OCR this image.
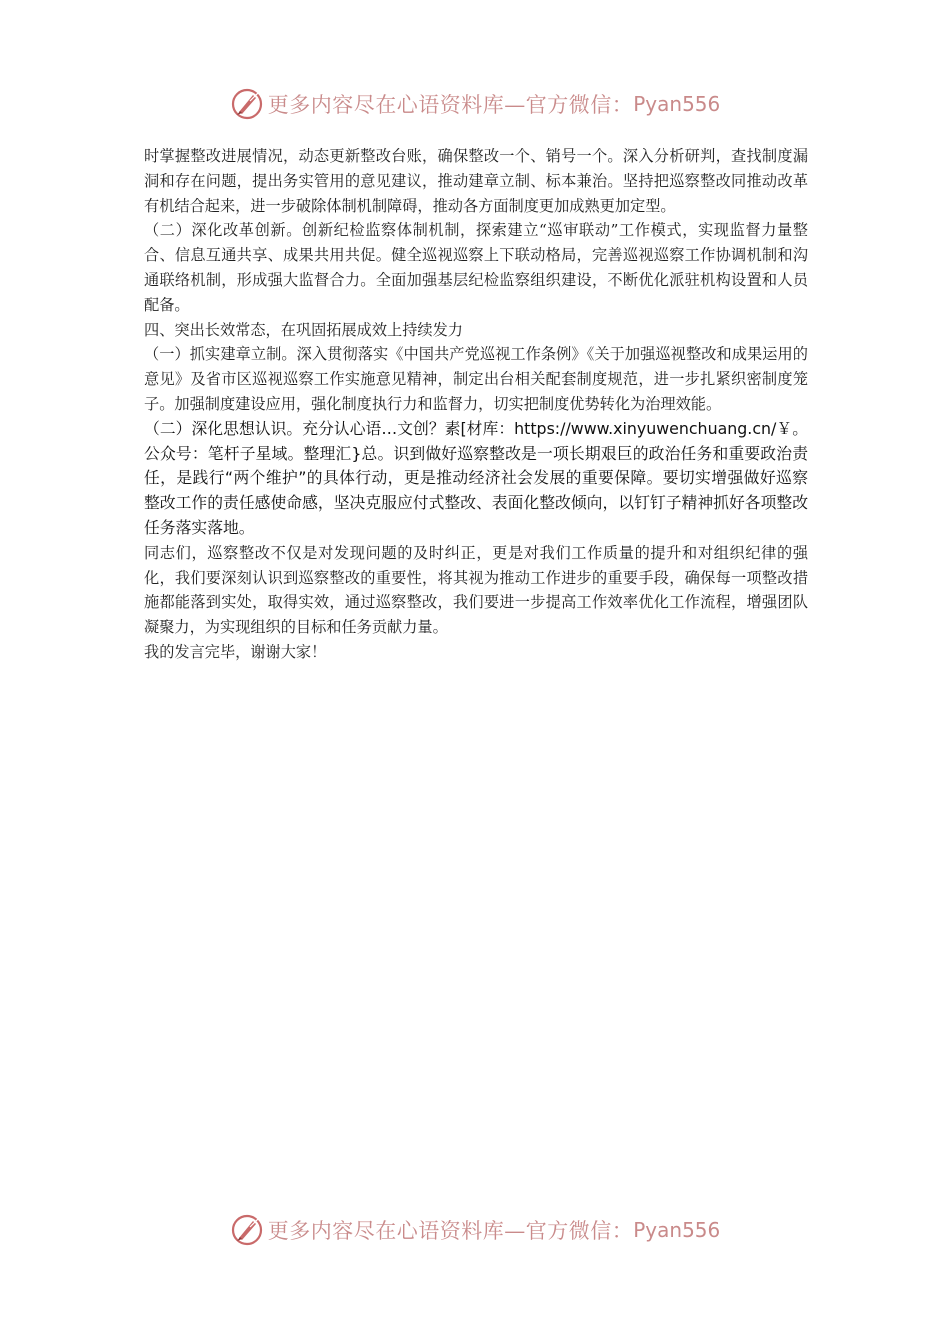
更多内容尽在心语资料库—官方微信： Pyan556

时掌握整改进展情况，动态更新整改台账，确保整改一个、销号一个。深入分析研判，查找制度漏洞和存在问题，提出务实管用的意见建议，推动建章立制、标本兼治。坚持把巡察整改同推动改革有机结合起来，进一步破除体制机制障碍，推动各方面制度更加成熟更加定型。

（二）深化改革创新。创新纪检监察体制机制，探索建立“巡审联动”工作模式，实现监督力量整合、信息互通共享、成果共用共促。健全巡视巡察上下联动格局，完善巡视巡察工作协调机制和沟通联络机制，形成强大监督合力。全面加强基层纪检监察组织建设，不断优化派驻机构设置和人员配备。

四、突出长效常态，在巩固拓展成效上持续发力

（一）抓实建章立制。深入贯彻落实《中国共产党巡视工作条例》《关于加强巡视整改和成果运用的意见》及省市区巡视巡察工作实施意见精神，制定出台相关配套制度规范，进一步扎紧织密制度笼子。加强制度建设应用，强化制度执行力和监督力，切实把制度优势转化为治理效能。

（二）深化思想认识。充分认心语…文创？素[材库：https://www.xinyuwenchuang.cn/￥。公众号：笔杆子星域。整理汇}总。识到做好巡察整改是一项长期艰巨的政治任务和重要政治责任，是践行“两个维护”的具体行动，更是推动经济社会发展的重要保障。要切实增强做好巡察整改工作的责任感使命感，坚决克服应付式整改、表面化整改倾向，以钉钉子精神抓好各项整改任务落实落地。

同志们，巡察整改不仅是对发现问题的及时纠正，更是对我们工作质量的提升和对组织纪律的强化，我们要深刻认识到巡察整改的重要性，将其视为推动工作进步的重要手段，确保每一项整改措施都能落到实处，取得实效，通过巡察整改，我们要进一步提高工作效率优化工作流程，增强团队凝聚力，为实现组织的目标和任务贡献力量。

我的发言完毕，谢谢大家！

更多内容尽在心语资料库—官方微信： Pyan556
